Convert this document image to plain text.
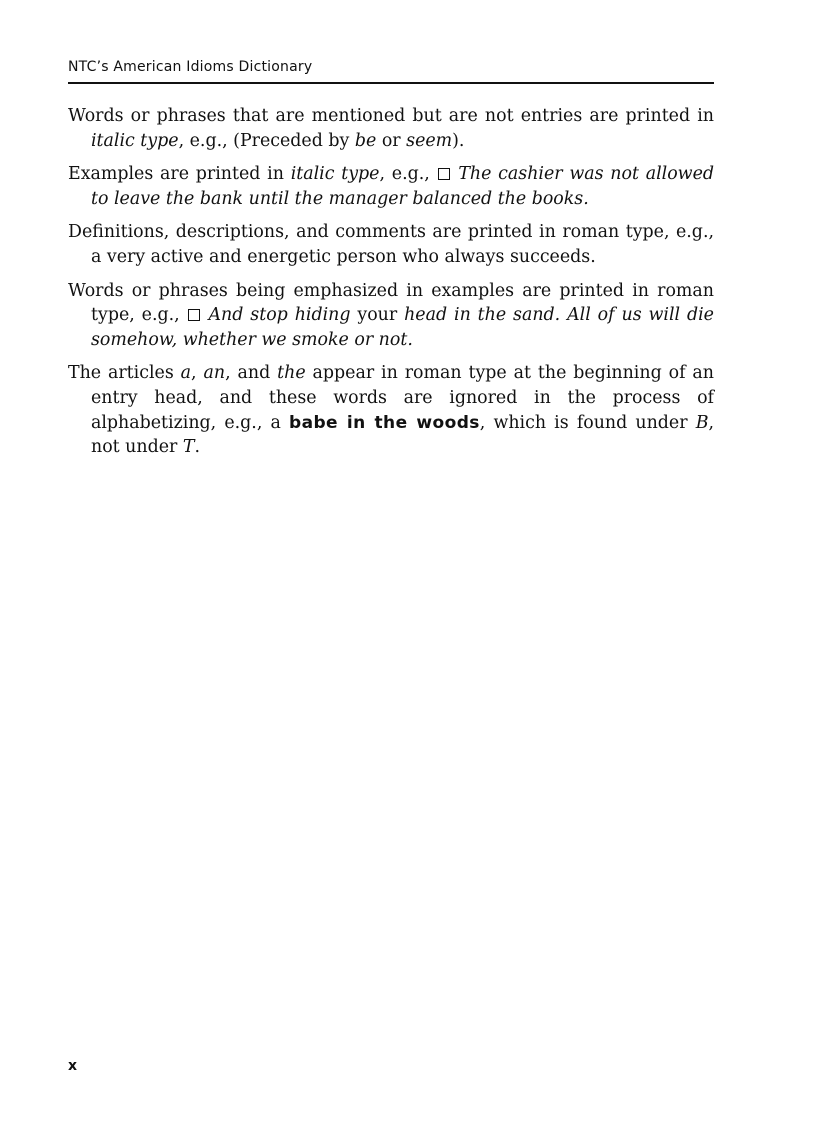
NTC’s American Idioms Dictionary

Words or phrases that are mentioned but are not entries are printed in italic type, e.g., (Preceded by be or seem).

Examples are printed in italic type, e.g.,  The cashier was not allowed to leave the bank until the manager balanced the books.

Definitions, descriptions, and comments are printed in roman type, e.g., a very active and energetic person who always succeeds.

Words or phrases being emphasized in examples are printed in roman type, e.g.,  And stop hiding your head in the sand. All of us will die somehow, whether we smoke or not.

The articles a, an, and the appear in roman type at the beginning of an entry head, and these words are ignored in the process of alphabetizing, e.g., a babe in the woods, which is found under B, not under T.

x
